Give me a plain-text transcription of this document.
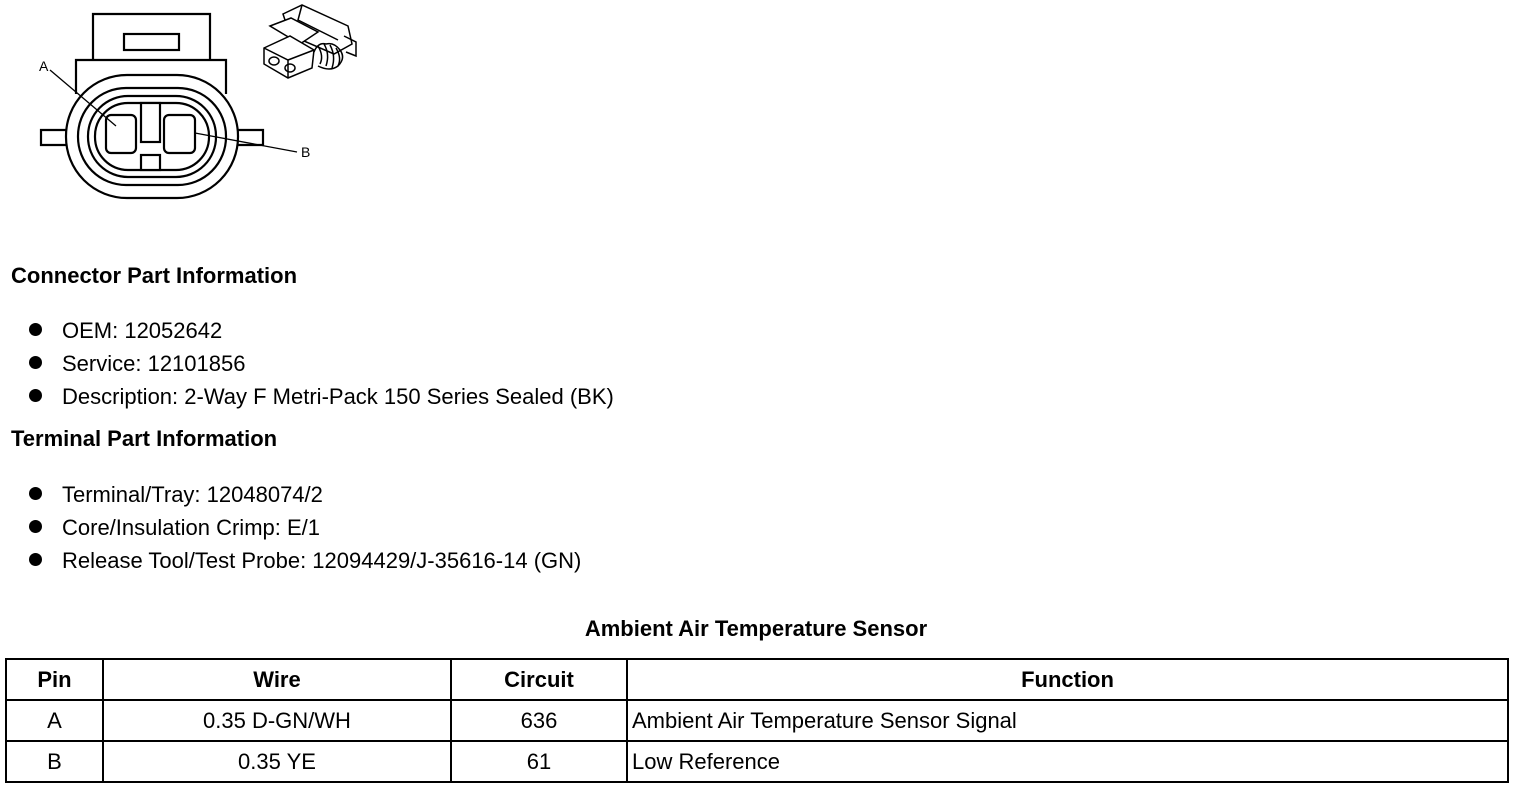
A
B
Connector Part Information
OEM: 12052642
Service: 12101856
Description: 2-Way F Metri-Pack 150 Series Sealed (BK)
Terminal Part Information
Terminal/Tray: 12048074/2
Core/Insulation Crimp: E/1
Release Tool/Test Probe: 12094429/J-35616-14 (GN)
Ambient Air Temperature Sensor
Pin	Wire	Circuit	Function
A	0.35 D-GN/WH	636	Ambient Air Temperature Sensor Signal
B	0.35 YE	61	Low Reference
